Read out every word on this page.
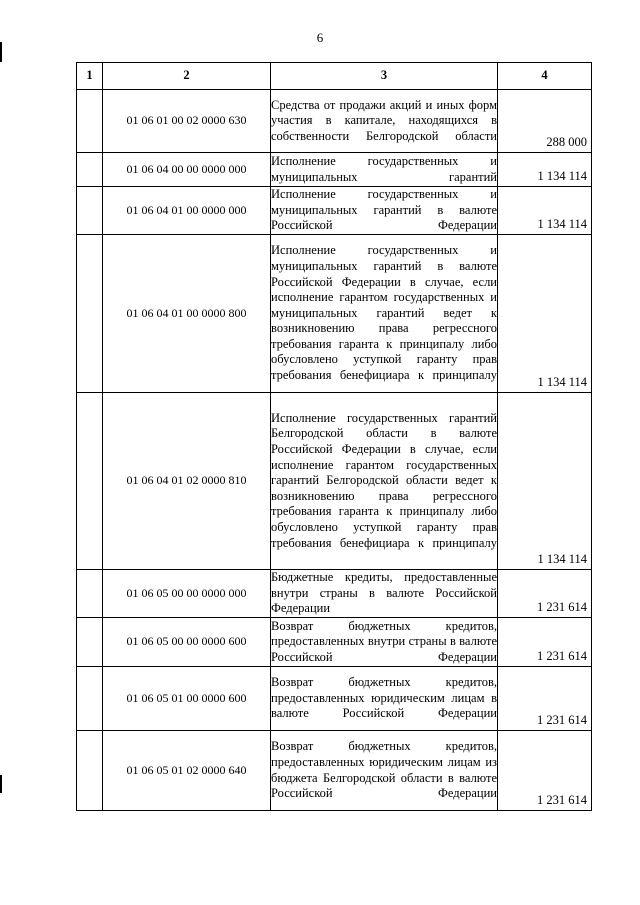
6
1	2	3	4
	01 06 01 00 02 0000 630	Средства от продажи акций и иных форм участия в капитале, находящихся в собственности Белгородской области	288 000
	01 06 04 00 00 0000 000	Исполнение государственных и муниципальных гарантий	1 134 114
	01 06 04 01 00 0000 000	Исполнение государственных и муниципальных гарантий в валюте Российской Федерации	1 134 114
	01 06 04 01 00 0000 800	Исполнение государственных и муниципальных гарантий в валюте Российской Федерации в случае, если исполнение гарантом государственных и муниципальных гарантий ведет к возникновению права регрессного требования гаранта к принципалу либо обусловлено уступкой гаранту прав требования бенефициара к принципалу	1 134 114
	01 06 04 01 02 0000 810	Исполнение государственных гарантий Белгородской области в валюте Российской Федерации в случае, если исполнение гарантом государственных гарантий Белгородской области ведет к возникновению права регрессного требования гаранта к принципалу либо обусловлено уступкой гаранту прав требования бенефициара к принципалу	1 134 114
	01 06 05 00 00 0000 000	Бюджетные кредиты, предоставленные внутри страны в валюте Российской Федерации	1 231 614
	01 06 05 00 00 0000 600	Возврат бюджетных кредитов, предоставленных внутри страны в валюте Российской Федерации	1 231 614
	01 06 05 01 00 0000 600	Возврат бюджетных кредитов, предоставленных юридическим лицам в валюте Российской Федерации	1 231 614
	01 06 05 01 02 0000 640	Возврат бюджетных кредитов, предоставленных юридическим лицам из бюджета Белгородской области в валюте Российской Федерации	1 231 614
